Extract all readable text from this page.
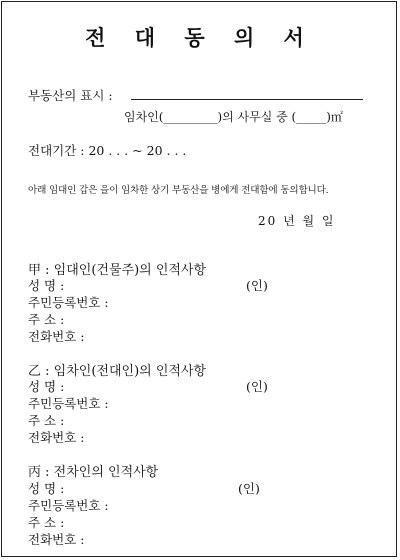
전 대 동 의 서
부동산의 표시 :
임차인(_________)의 사무실 중 (_____)㎡
전대기간 : 20 . . . ~ 20 . . .
아래 임대인 갑은 을이 임차한 상기 부동산을 병에게 전대함에 동의합니다.
20 년 월 일
甲 : 임대인(건물주)의 인적사항
성 명 :	(인)
주민등록번호 :
주 소 :
전화번호 :
乙 : 임차인(전대인)의 인적사항
성 명 :	(인)
주민등록번호 :
주 소 :
전화번호 :
丙 : 전차인의 인적사항
성 명 :	(인)
주민등록번호 :
주 소 :
전화번호 :
